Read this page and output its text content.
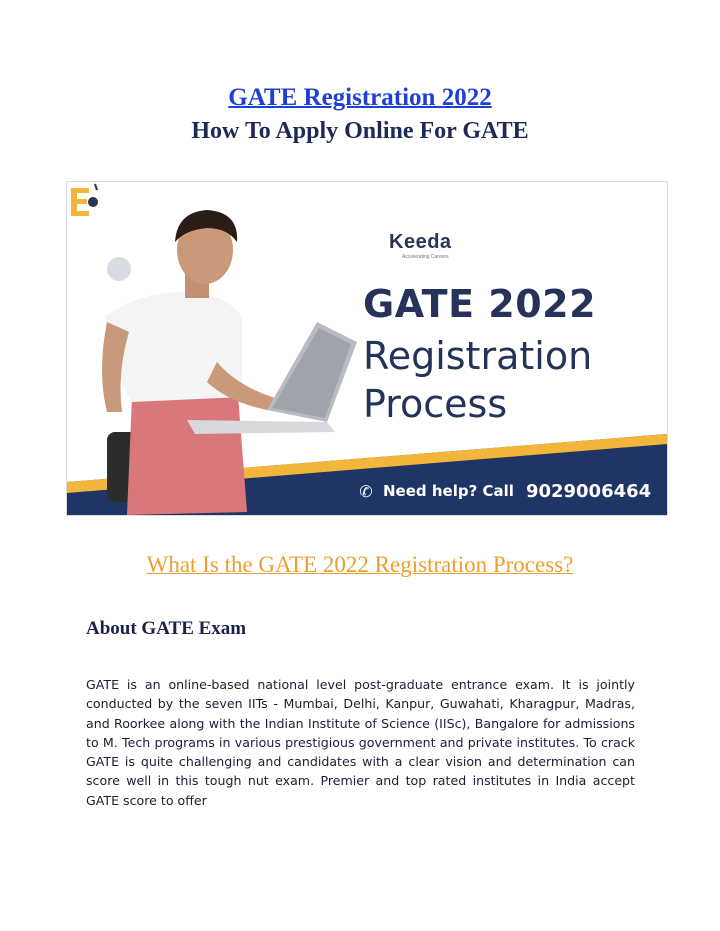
GATE Registration 2022
How To Apply Online For GATE
Keeda
Accelerating Careers
GATE 2022
Registration
Process
✆ Need help? Call 9029006464
What Is the GATE 2022 Registration Process?
About GATE Exam
GATE is an online-based national level post-graduate entrance exam. It is jointly conducted by the seven IITs - Mumbai, Delhi, Kanpur, Guwahati, Kharagpur, Madras, and Roorkee along with the Indian Institute of Science (IISc), Bangalore for admissions to M. Tech programs in various prestigious government and private institutes. To crack GATE is quite challenging and candidates with a clear vision and determination can score well in this tough nut exam. Premier and top rated institutes in India accept GATE score to offer
